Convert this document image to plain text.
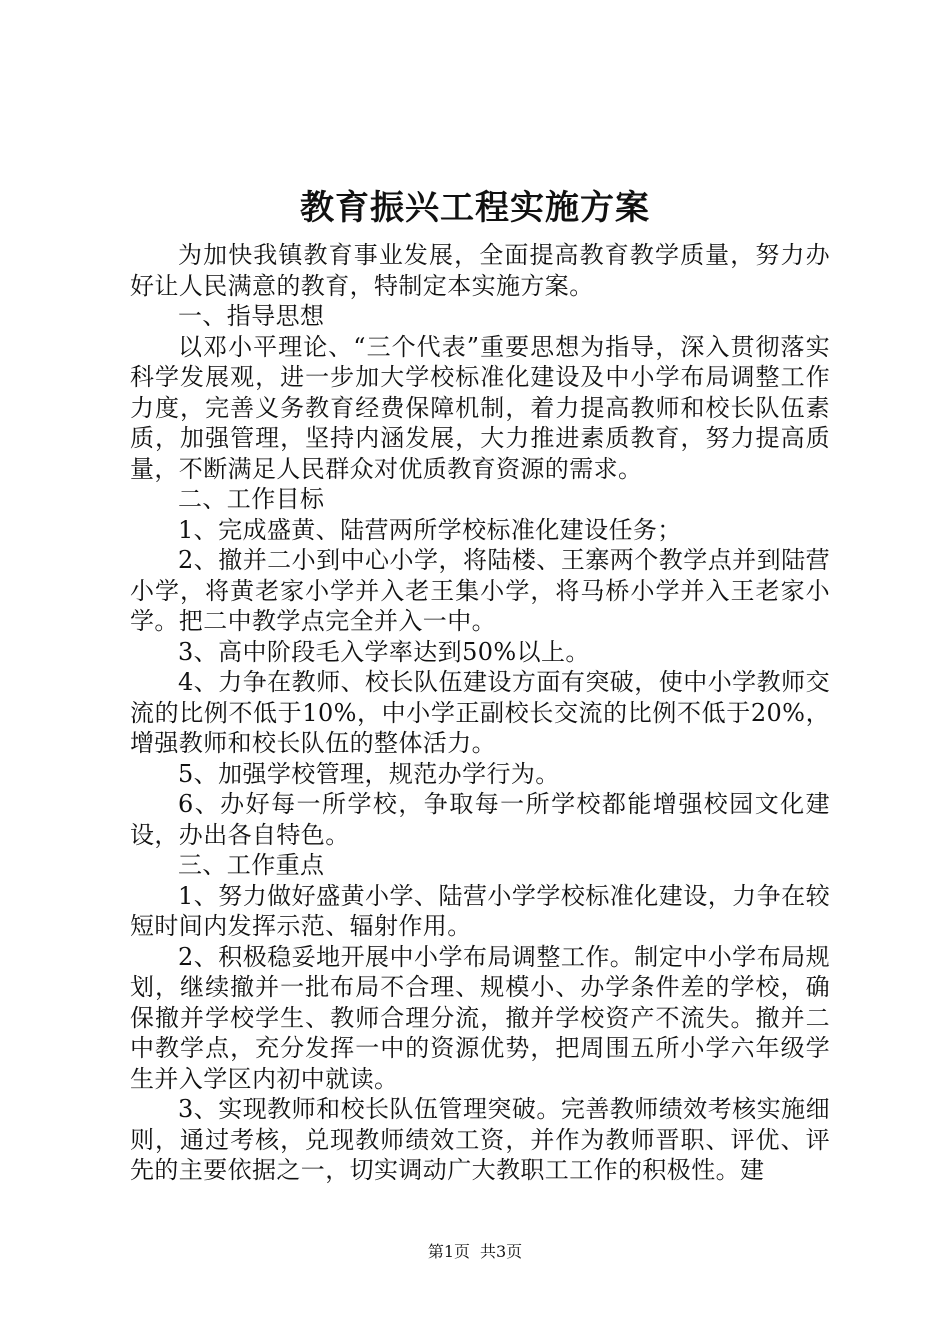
教育振兴工程实施方案

为加快我镇教育事业发展，全面提高教育教学质量，努力办好让人民满意的教育，特制定本实施方案。

一、指导思想

以邓小平理论、“三个代表”重要思想为指导，深入贯彻落实科学发展观，进一步加大学校标准化建设及中小学布局调整工作力度，完善义务教育经费保障机制，着力提高教师和校长队伍素质，加强管理，坚持内涵发展，大力推进素质教育，努力提高质量，不断满足人民群众对优质教育资源的需求。

二、工作目标

1、完成盛黄、陆营两所学校标准化建设任务；

2、撤并二小到中心小学，将陆楼、王寨两个教学点并到陆营小学，将黄老家小学并入老王集小学，将马桥小学并入王老家小学。把二中教学点完全并入一中。

3、高中阶段毛入学率达到50%以上。

4、力争在教师、校长队伍建设方面有突破，使中小学教师交流的比例不低于10%，中小学正副校长交流的比例不低于20%，增强教师和校长队伍的整体活力。

5、加强学校管理，规范办学行为。

6、办好每一所学校，争取每一所学校都能增强校园文化建设，办出各自特色。

三、工作重点

1、努力做好盛黄小学、陆营小学学校标准化建设，力争在较短时间内发挥示范、辐射作用。

2、积极稳妥地开展中小学布局调整工作。制定中小学布局规划，继续撤并一批布局不合理、规模小、办学条件差的学校，确保撤并学校学生、教师合理分流，撤并学校资产不流失。撤并二中教学点，充分发挥一中的资源优势，把周围五所小学六年级学生并入学区内初中就读。

3、实现教师和校长队伍管理突破。完善教师绩效考核实施细则，通过考核，兑现教师绩效工资，并作为教师晋职、评优、评先的主要依据之一，切实调动广大教职工工作的积极性。建

第1页 共3页
